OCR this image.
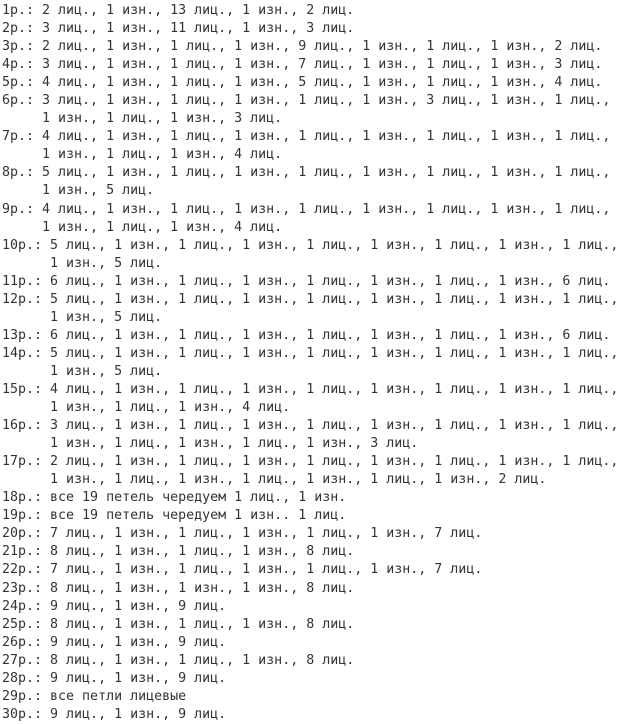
1р.: 2 лиц., 1 изн., 13 лиц., 1 изн., 2 лиц.
2р.: 3 лиц., 1 изн., 11 лиц., 1 изн., 3 лиц.
3р.: 2 лиц., 1 изн., 1 лиц., 1 изн., 9 лиц., 1 изн., 1 лиц., 1 изн., 2 лиц.
4р.: 3 лиц., 1 изн., 1 лиц., 1 изн., 7 лиц., 1 изн., 1 лиц., 1 изн., 3 лиц.
5р.: 4 лиц., 1 изн., 1 лиц., 1 изн., 5 лиц., 1 изн., 1 лиц., 1 изн., 4 лиц.
6р.: 3 лиц., 1 изн., 1 лиц., 1 изн., 1 лиц., 1 изн., 3 лиц., 1 изн., 1 лиц.,
1 изн., 1 лиц., 1 изн., 3 лиц.
7р.: 4 лиц., 1 изн., 1 лиц., 1 изн., 1 лиц., 1 изн., 1 лиц., 1 изн., 1 лиц.,
1 изн., 1 лиц., 1 изн., 4 лиц.
8р.: 5 лиц., 1 изн., 1 лиц., 1 изн., 1 лиц., 1 изн., 1 лиц., 1 изн., 1 лиц.,
1 изн., 5 лиц.
9р.: 4 лиц., 1 изн., 1 лиц., 1 изн., 1 лиц., 1 изн., 1 лиц., 1 изн., 1 лиц.,
1 изн., 1 лиц., 1 изн., 4 лиц.
10р.: 5 лиц., 1 изн., 1 лиц., 1 изн., 1 лиц., 1 изн., 1 лиц., 1 изн., 1 лиц.,
1 изн., 5 лиц.
11р.: 6 лиц., 1 изн., 1 лиц., 1 изн., 1 лиц., 1 изн., 1 лиц., 1 изн., 6 лиц.
12р.: 5 лиц., 1 изн., 1 лиц., 1 изн., 1 лиц., 1 изн., 1 лиц., 1 изн., 1 лиц.,
1 изн., 5 лиц.
13р.: 6 лиц., 1 изн., 1 лиц., 1 изн., 1 лиц., 1 изн., 1 лиц., 1 изн., 6 лиц.
14р.: 5 лиц., 1 изн., 1 лиц., 1 изн., 1 лиц., 1 изн., 1 лиц., 1 изн., 1 лиц.,
1 изн., 5 лиц.
15р.: 4 лиц., 1 изн., 1 лиц., 1 изн., 1 лиц., 1 изн., 1 лиц., 1 изн., 1 лиц.,
1 изн., 1 лиц., 1 изн., 4 лиц.
16р.: 3 лиц., 1 изн., 1 лиц., 1 изн., 1 лиц., 1 изн., 1 лиц., 1 изн., 1 лиц.,
1 изн., 1 лиц., 1 изн., 1 лиц., 1 изн., 3 лиц.
17р.: 2 лиц., 1 изн., 1 лиц., 1 изн., 1 лиц., 1 изн., 1 лиц., 1 изн., 1 лиц.,
1 изн., 1 лиц., 1 изн., 1 лиц., 1 изн., 1 лиц., 1 изн., 2 лиц.
18р.: все 19 петель чередуем 1 лиц., 1 изн.
19р.: все 19 петель чередуем 1 изн.. 1 лиц.
20р.: 7 лиц., 1 изн., 1 лиц., 1 изн., 1 лиц., 1 изн., 7 лиц.
21р.: 8 лиц., 1 изн., 1 лиц., 1 изн., 8 лиц.
22р.: 7 лиц., 1 изн., 1 лиц., 1 изн., 1 лиц., 1 изн., 7 лиц.
23р.: 8 лиц., 1 изн., 1 изн., 1 изн., 8 лиц.
24р.: 9 лиц., 1 изн., 9 лиц.
25р.: 8 лиц., 1 изн., 1 лиц., 1 изн., 8 лиц.
26р.: 9 лиц., 1 изн., 9 лиц.
27р.: 8 лиц., 1 изн., 1 лиц., 1 изн., 8 лиц.
28р.: 9 лиц., 1 изн., 9 лиц.
29р.: все петли лицевые
30р.: 9 лиц., 1 изн., 9 лиц.
